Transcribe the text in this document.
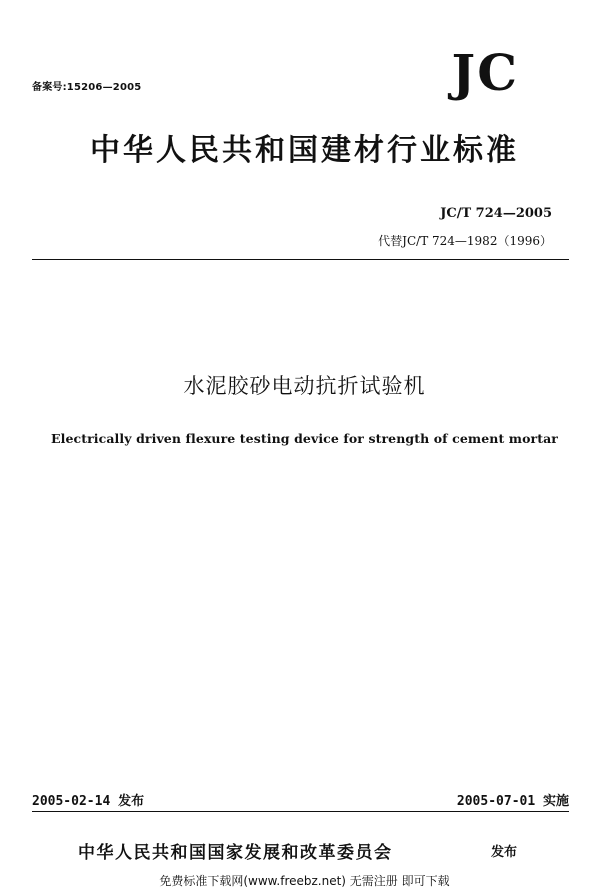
备案号:15206—2005	JC
中华人民共和国建材行业标准
JC/T 724—2005
代替JC/T 724—1982（1996）
水泥胶砂电动抗折试验机
Electrically driven flexure testing device for strength of cement mortar
2005-02-14 发布	2005-07-01 实施
中华人民共和国国家发展和改革委员会	发布
免费标准下载网(www.freebz.net) 无需注册 即可下载
